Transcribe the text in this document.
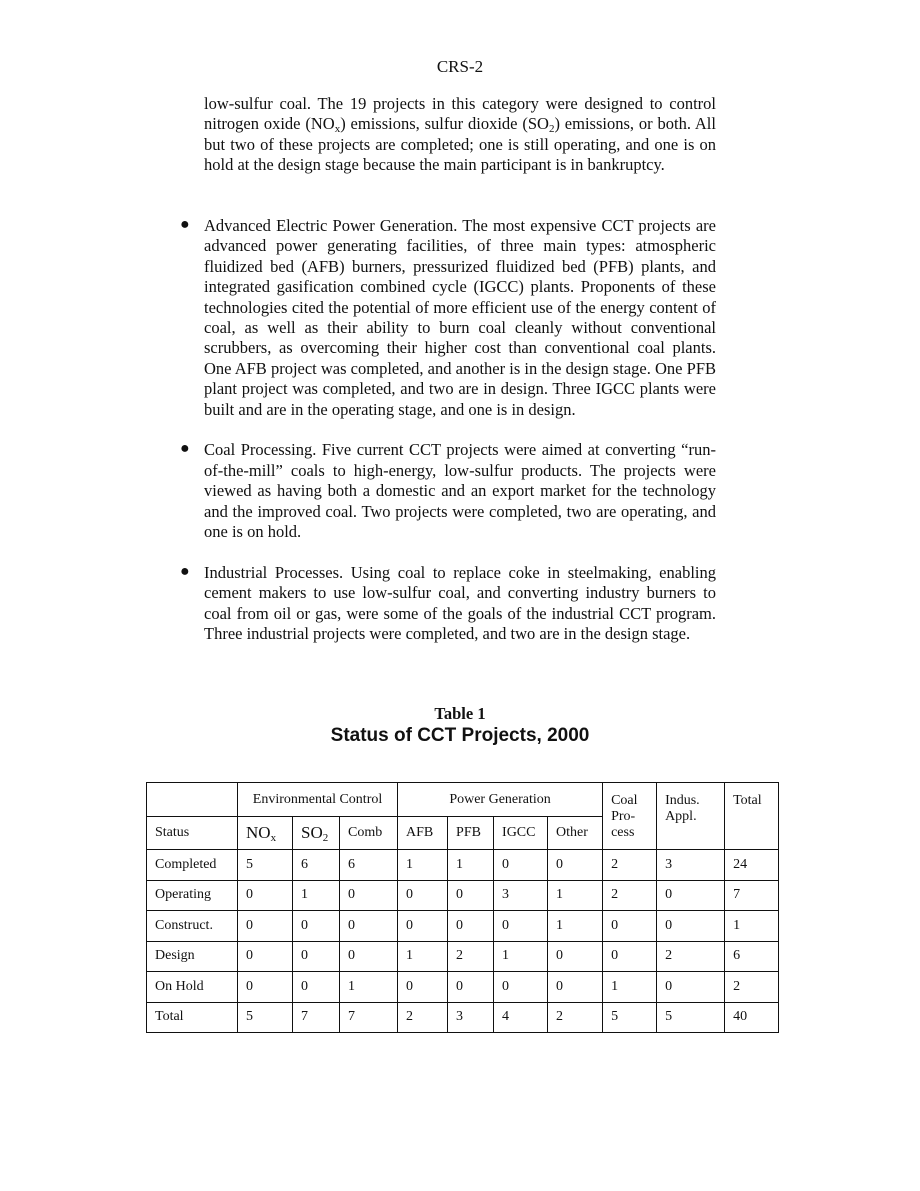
CRS-2

low-sulfur coal. The 19 projects in this category were designed to control nitrogen oxide $(NO_x)$ emissions, sulfur dioxide $(SO_2)$ emissions, or both. All but two of these projects are completed; one is still operating, and one is on hold at the design stage because the main participant is in bankruptcy.

● Advanced Electric Power Generation. The most expensive CCT projects are advanced power generating facilities, of three main types: atmospheric fluidized bed (AFB) burners, pressurized fluidized bed (PFB) plants, and integrated gasification combined cycle (IGCC) plants. Proponents of these technologies cited the potential of more efficient use of the energy content of coal, as well as their ability to burn coal cleanly without conventional scrubbers, as overcoming their higher cost than conventional coal plants. One AFB project was completed, and another is in the design stage. One PFB plant project was completed, and two are in design. Three IGCC plants were built and are in the operating stage, and one is in design.

● Coal Processing. Five current CCT projects were aimed at converting “run-of-the-mill” coals to high-energy, low-sulfur products. The projects were viewed as having both a domestic and an export market for the technology and the improved coal. Two projects were completed, two are operating, and one is on hold.

● Industrial Processes. Using coal to replace coke in steelmaking, enabling cement makers to use low-sulfur coal, and converting industry burners to coal from oil or gas, were some of the goals of the industrial CCT program. Three industrial projects were completed, and two are in the design stage.

Table 1
Status of CCT Projects, 2000
	Environmental Control			Power Generation				Coal Pro-cess	Indus. Appl.	Total
Status	$NO_x$	$SO_2$	Comb	AFB	PFB	IGCC	Other			
Completed	5	6	6	1	1	0	0	2	3	24
Operating	0	1	0	0	0	3	1	2	0	7
Construct.	0	0	0	0	0	0	1	0	0	1
Design	0	0	0	1	2	1	0	0	2	6
On Hold	0	0	1	0	0	0	0	1	0	2
Total	5	7	7	2	3	4	2	5	5	40
